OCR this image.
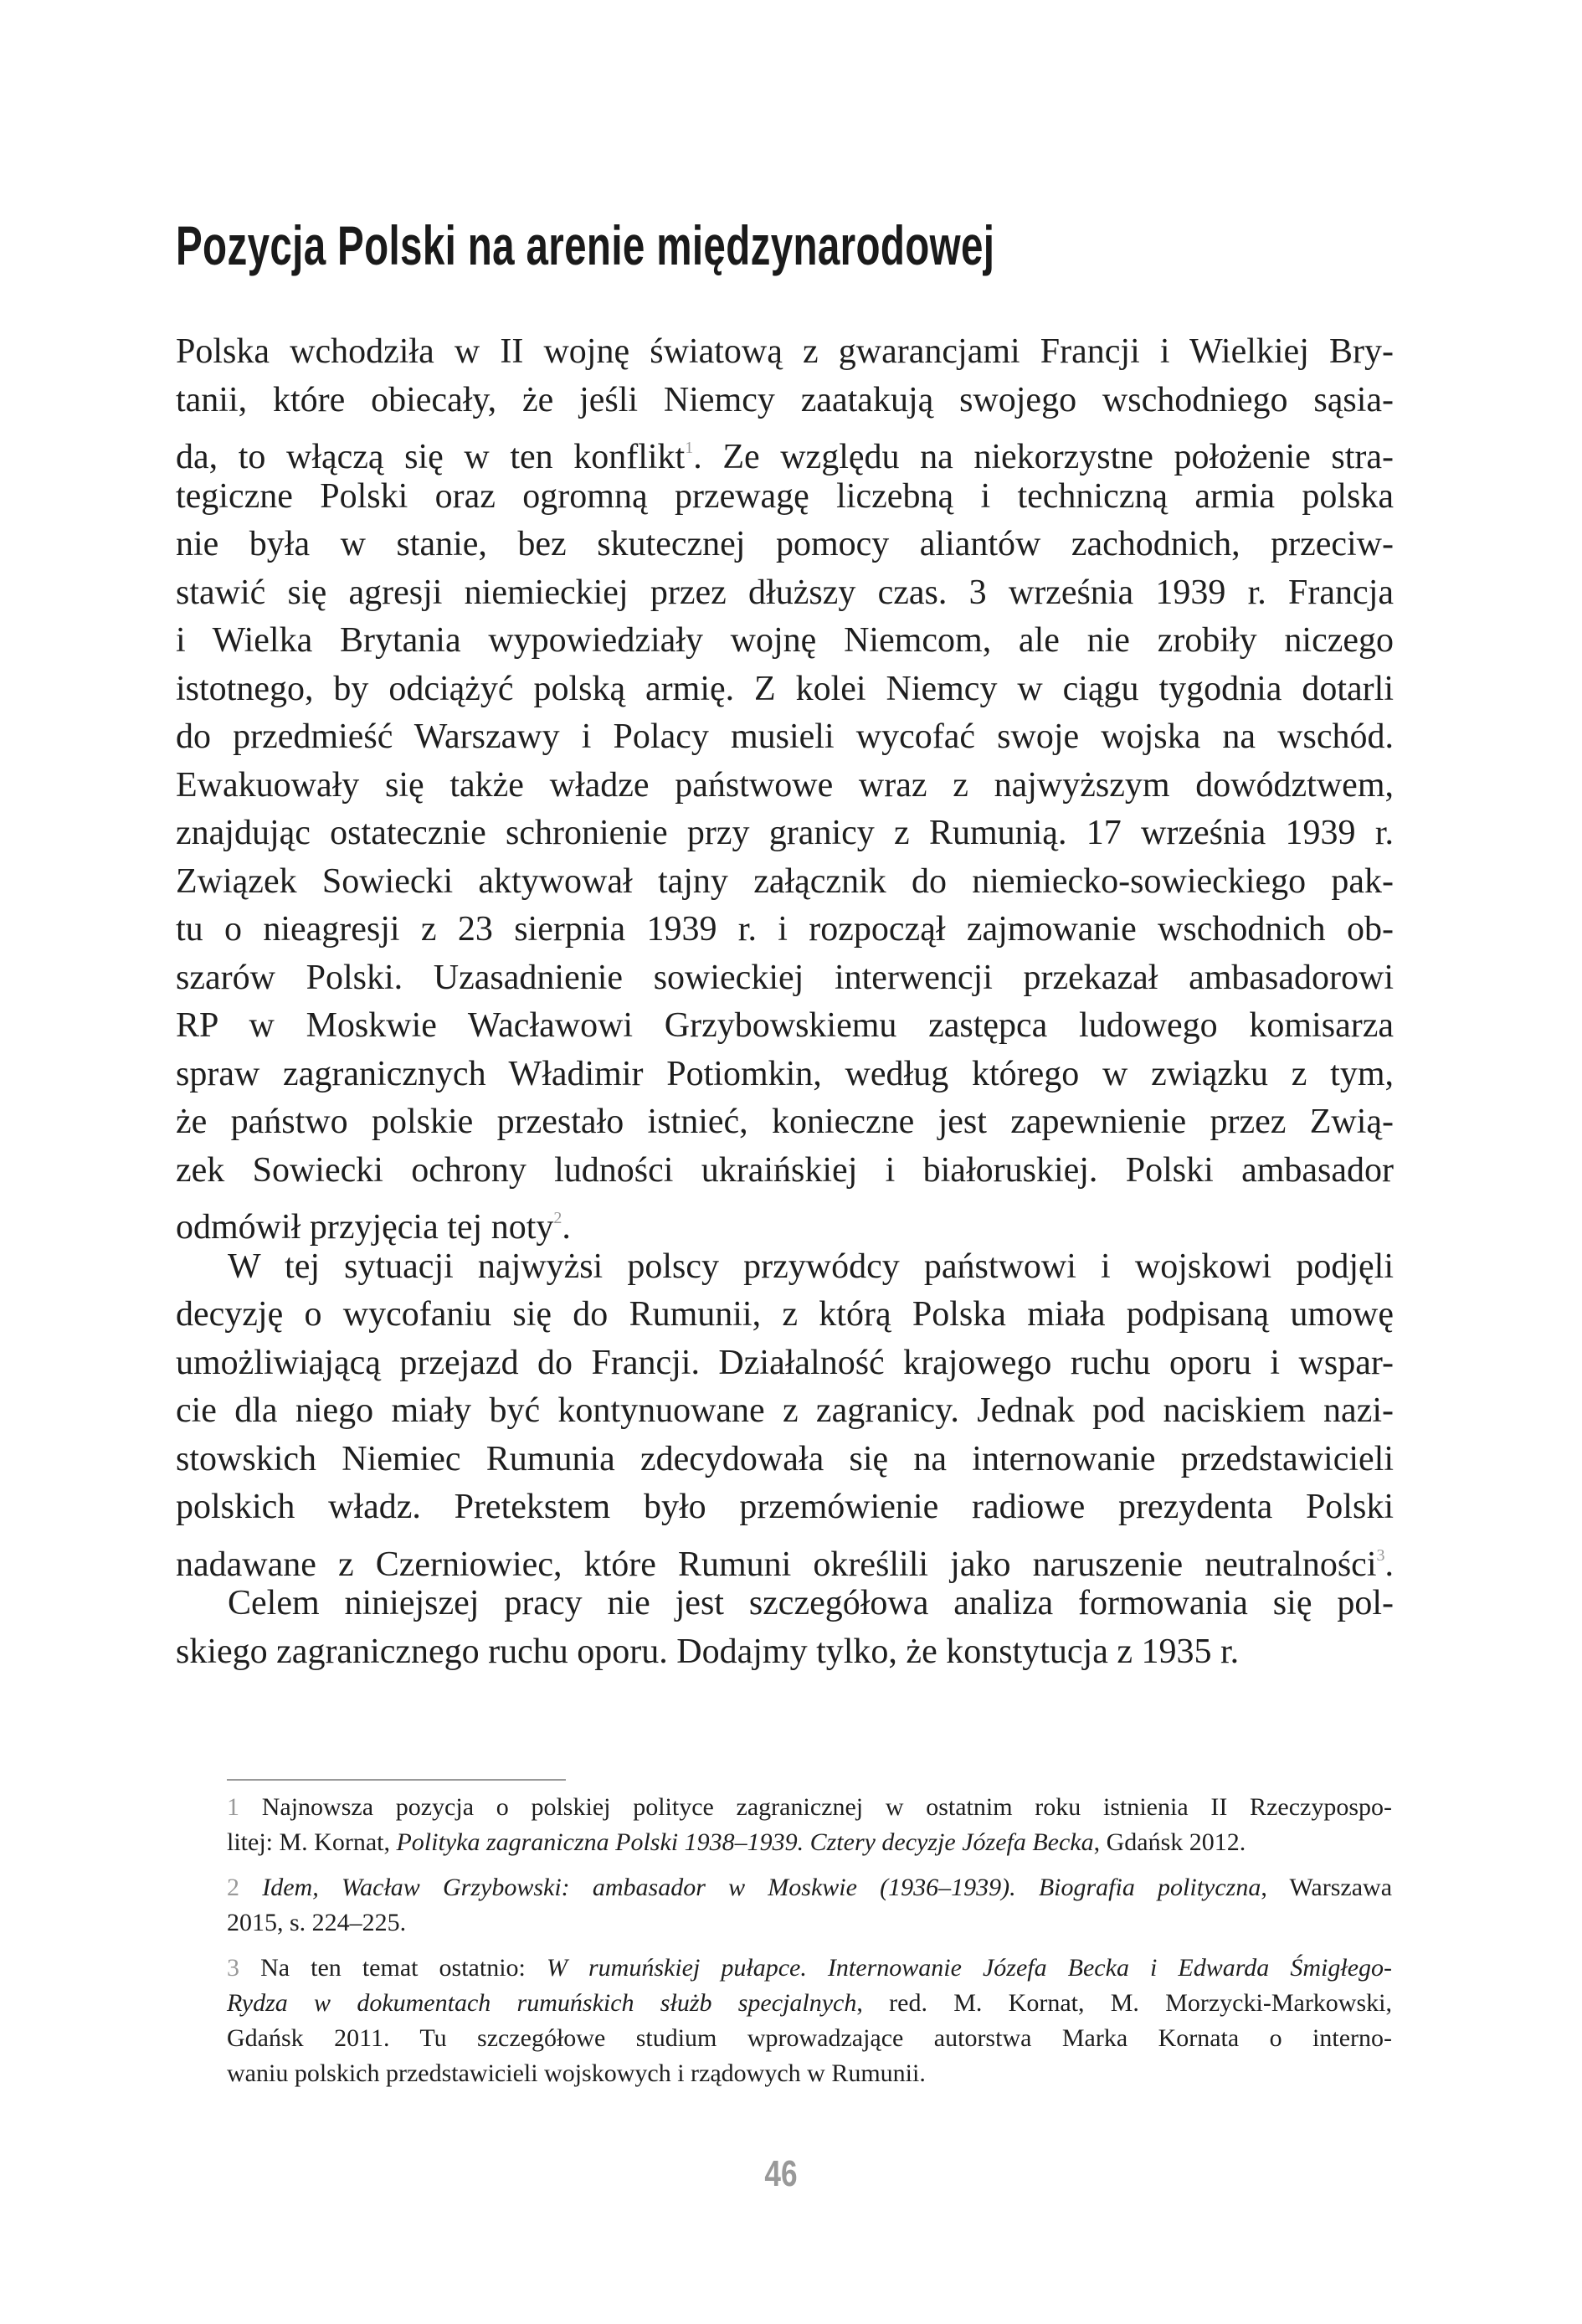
Pozycja Polski na arenie międzynarodowej
Polska wchodziła w II wojnę światową z gwarancjami Francji i Wielkiej Bry-
tanii, które obiecały, że jeśli Niemcy zaatakują swojego wschodniego sąsia-
da, to włączą się w ten konflikt$^1$. Ze względu na niekorzystne położenie stra-
tegiczne Polski oraz ogromną przewagę liczebną i techniczną armia polska
nie była w stanie, bez skutecznej pomocy aliantów zachodnich, przeciw-
stawić się agresji niemieckiej przez dłuższy czas. 3 września 1939 r. Francja
i Wielka Brytania wypowiedziały wojnę Niemcom, ale nie zrobiły niczego
istotnego, by odciążyć polską armię. Z kolei Niemcy w ciągu tygodnia dotarli
do przedmieść Warszawy i Polacy musieli wycofać swoje wojska na wschód.
Ewakuowały się także władze państwowe wraz z najwyższym dowództwem,
znajdując ostatecznie schronienie przy granicy z Rumunią. 17 września 1939 r.
Związek Sowiecki aktywował tajny załącznik do niemiecko-sowieckiego pak-
tu o nieagresji z 23 sierpnia 1939 r. i rozpoczął zajmowanie wschodnich ob-
szarów Polski. Uzasadnienie sowieckiej interwencji przekazał ambasadorowi
RP w Moskwie Wacławowi Grzybowskiemu zastępca ludowego komisarza
spraw zagranicznych Władimir Potiomkin, według którego w związku z tym,
że państwo polskie przestało istnieć, konieczne jest zapewnienie przez Zwią-
zek Sowiecki ochrony ludności ukraińskiej i białoruskiej. Polski ambasador
odmówił przyjęcia tej noty$^2$.
W tej sytuacji najwyżsi polscy przywódcy państwowi i wojskowi podjęli
decyzję o wycofaniu się do Rumunii, z którą Polska miała podpisaną umowę
umożliwiającą przejazd do Francji. Działalność krajowego ruchu oporu i wspar-
cie dla niego miały być kontynuowane z zagranicy. Jednak pod naciskiem nazi-
stowskich Niemiec Rumunia zdecydowała się na internowanie przedstawicieli
polskich władz. Pretekstem było przemówienie radiowe prezydenta Polski
nadawane z Czerniowiec, które Rumuni określili jako naruszenie neutralności$^3$.
Celem niniejszej pracy nie jest szczegółowa analiza formowania się pol-
skiego zagranicznego ruchu oporu. Dodajmy tylko, że konstytucja z 1935 r.
1 Najnowsza pozycja o polskiej polityce zagranicznej w ostatnim roku istnienia II Rzeczypospo-
litej: M. Kornat, Polityka zagraniczna Polski 1938–1939. Cztery decyzje Józefa Becka, Gdańsk 2012.
2 Idem, Wacław Grzybowski: ambasador w Moskwie (1936–1939). Biografia polityczna, Warszawa
2015, s. 224–225.
3 Na ten temat ostatnio: W rumuńskiej pułapce. Internowanie Józefa Becka i Edwarda Śmigłego-
Rydza w dokumentach rumuńskich służb specjalnych, red. M. Kornat, M. Morzycki-Markowski,
Gdańsk 2011. Tu szczegółowe studium wprowadzające autorstwa Marka Kornata o interno-
waniu polskich przedstawicieli wojskowych i rządowych w Rumunii.
46
